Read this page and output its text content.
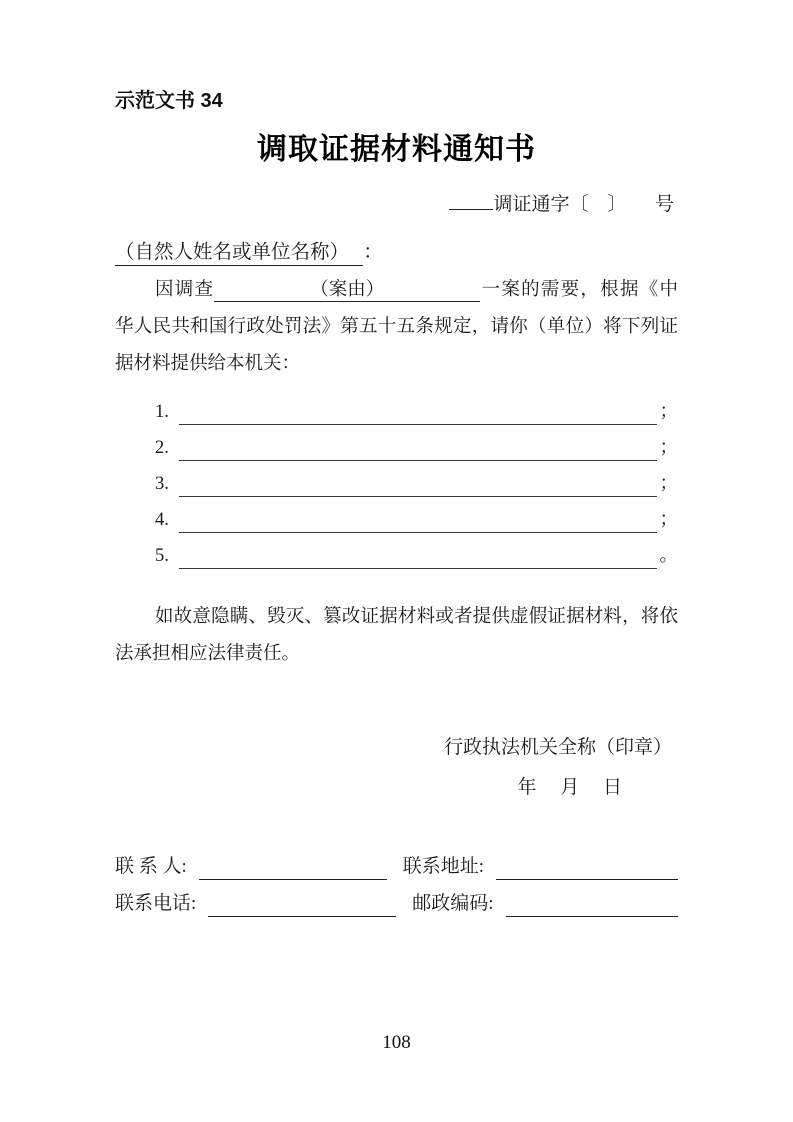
示范文书 34
调取证据材料通知书
调证通字〔　〕　　号
（自然人姓名或单位名称） ：

因调查	（案由）	一案的需要，根据《中华人民共和国行政处罚法》第五十五条规定，请你（单位）将下列证据材料提供给本机关：

1.	；
2.	；
3.	；
4.	；
5.	。

如故意隐瞒、毁灭、篡改证据材料或者提供虚假证据材料，将依法承担相应法律责任。

行政执法机关全称（印章）
年　 月　 日
联 系 人:	联系地址:
联系电话:	邮政编码:
108
